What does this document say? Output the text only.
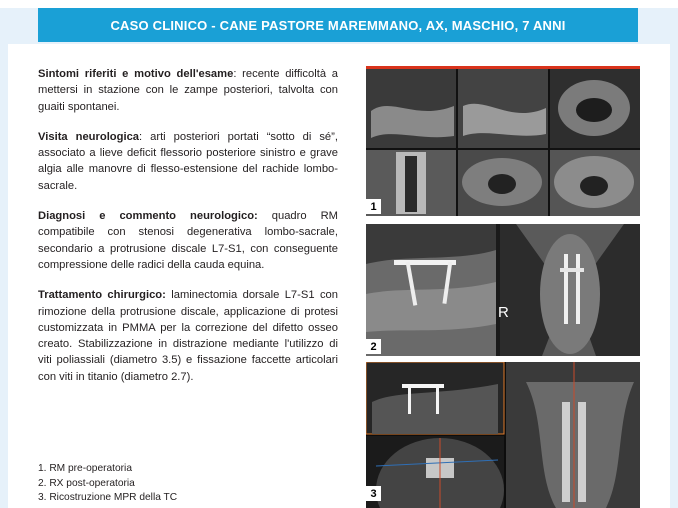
CASO CLINICO - CANE PASTORE MAREMMANO, AX, MASCHIO, 7 ANNI

Sintomi riferiti e motivo dell'esame: recente difficoltà a mettersi in stazione con le zampe posteriori, talvolta con guaiti spontanei.

Visita neurologica: arti posteriori portati “sotto di sé”, associato a lieve deficit flessorio posteriore sinistro e grave algia alle manovre di flesso-estensione del rachide lombo-sacrale.

Diagnosi e commento neurologico: quadro RM compatibile con stenosi degenerativa lombo-sacrale, secondario a protrusione discale L7-S1, con conseguente compressione delle radici della cauda equina.

Trattamento chirurgico: laminectomia dorsale L7-S1 con rimozione della protrusione discale, applicazione di protesi customizzata in PMMA per la correzione del difetto osseo creato. Stabilizzazione in distrazione mediante l'utilizzo di viti poliassiali (diametro 3.5) e fissazione faccette articolari con viti in titanio (diametro 2.7).

1. RM pre-operatoria
2. RX post-operatoria
3. Ricostruzione MPR della TC
1
R
2
3
